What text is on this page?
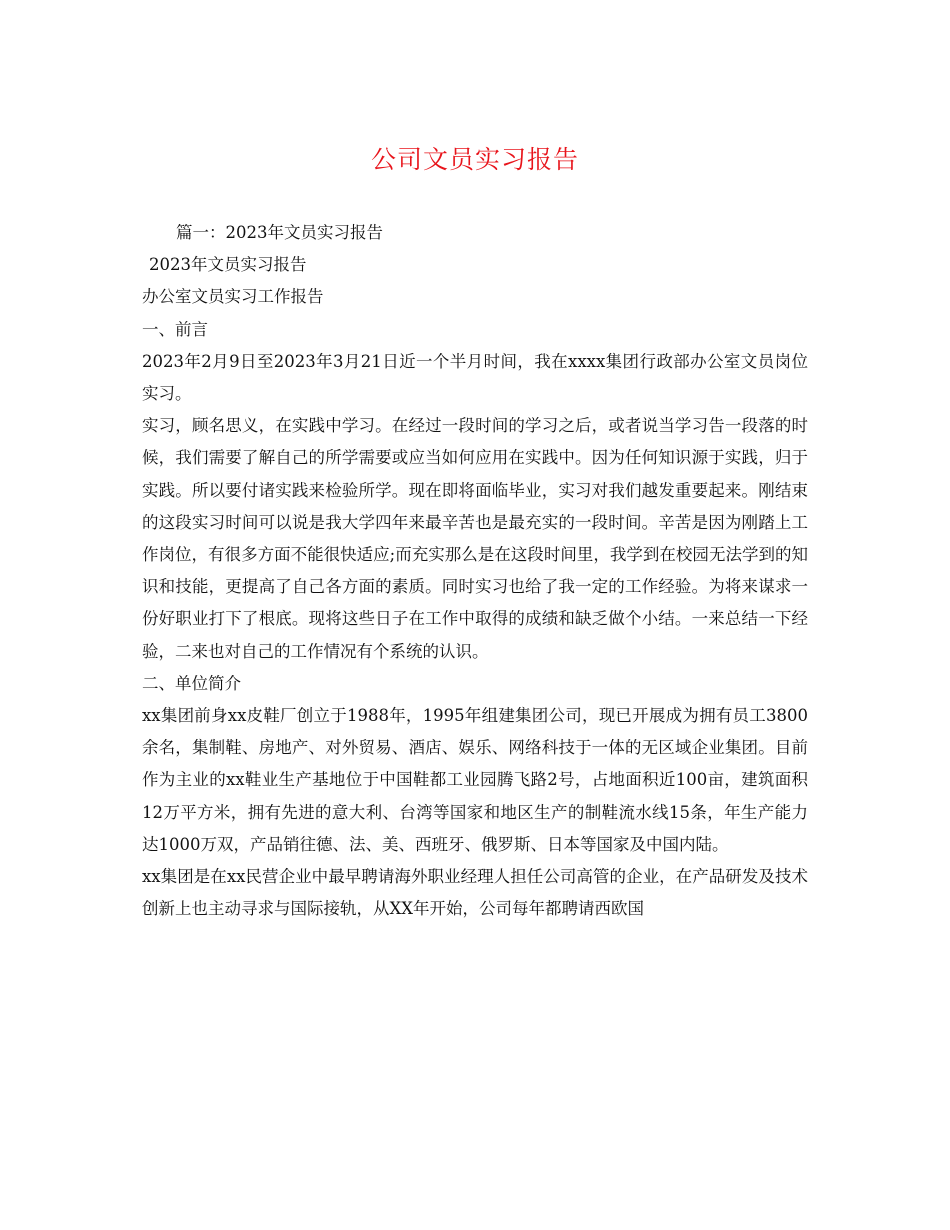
公司文员实习报告

篇一：2023年文员实习报告

2023年文员实习报告

办公室文员实习工作报告

一、前言

2023年2月9日至2023年3月21日近一个半月时间，我在xxxx集团行政部办公室文员岗位实习。

实习，顾名思义，在实践中学习。在经过一段时间的学习之后，或者说当学习告一段落的时候，我们需要了解自己的所学需要或应当如何应用在实践中。因为任何知识源于实践，归于实践。所以要付诸实践来检验所学。现在即将面临毕业，实习对我们越发重要起来。刚结束的这段实习时间可以说是我大学四年来最辛苦也是最充实的一段时间。辛苦是因为刚踏上工作岗位，有很多方面不能很快适应;而充实那么是在这段时间里，我学到在校园无法学到的知识和技能，更提高了自己各方面的素质。同时实习也给了我一定的工作经验。为将来谋求一份好职业打下了根底。现将这些日子在工作中取得的成绩和缺乏做个小结。一来总结一下经验，二来也对自己的工作情况有个系统的认识。

二、单位简介

xx集团前身xx皮鞋厂创立于1988年，1995年组建集团公司，现已开展成为拥有员工3800余名，集制鞋、房地产、对外贸易、酒店、娱乐、网络科技于一体的无区域企业集团。目前作为主业的xx鞋业生产基地位于中国鞋都工业园腾飞路2号，占地面积近100亩，建筑面积12万平方米，拥有先进的意大利、台湾等国家和地区生产的制鞋流水线15条，年生产能力达1000万双，产品销往德、法、美、西班牙、俄罗斯、日本等国家及中国内陆。

xx集团是在xx民营企业中最早聘请海外职业经理人担任公司高管的企业，在产品研发及技术创新上也主动寻求与国际接轨，从XX年开始，公司每年都聘请西欧国
